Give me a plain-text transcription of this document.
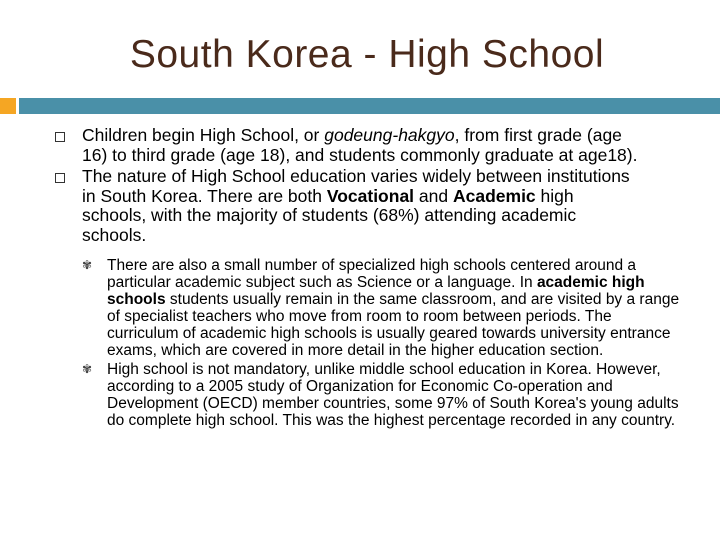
South Korea - High School
Children begin High School, or godeung-hakgyo, from first grade (age 16) to third grade (age 18), and students commonly graduate at age18).
The nature of High School education varies widely between institutions in South Korea. There are both Vocational and Academic high schools, with the majority of students (68%) attending academic schools.
✾ There are also a small number of specialized high schools centered around a particular academic subject such as Science or a language. In academic high schools students usually remain in the same classroom, and are visited by a range of specialist teachers who move from room to room between periods. The curriculum of academic high schools is usually geared towards university entrance exams, which are covered in more detail in the higher education section.
✾ High school is not mandatory, unlike middle school education in Korea. However, according to a 2005 study of Organization for Economic Co-operation and Development (OECD) member countries, some 97% of South Korea's young adults do complete high school. This was the highest percentage recorded in any country.
